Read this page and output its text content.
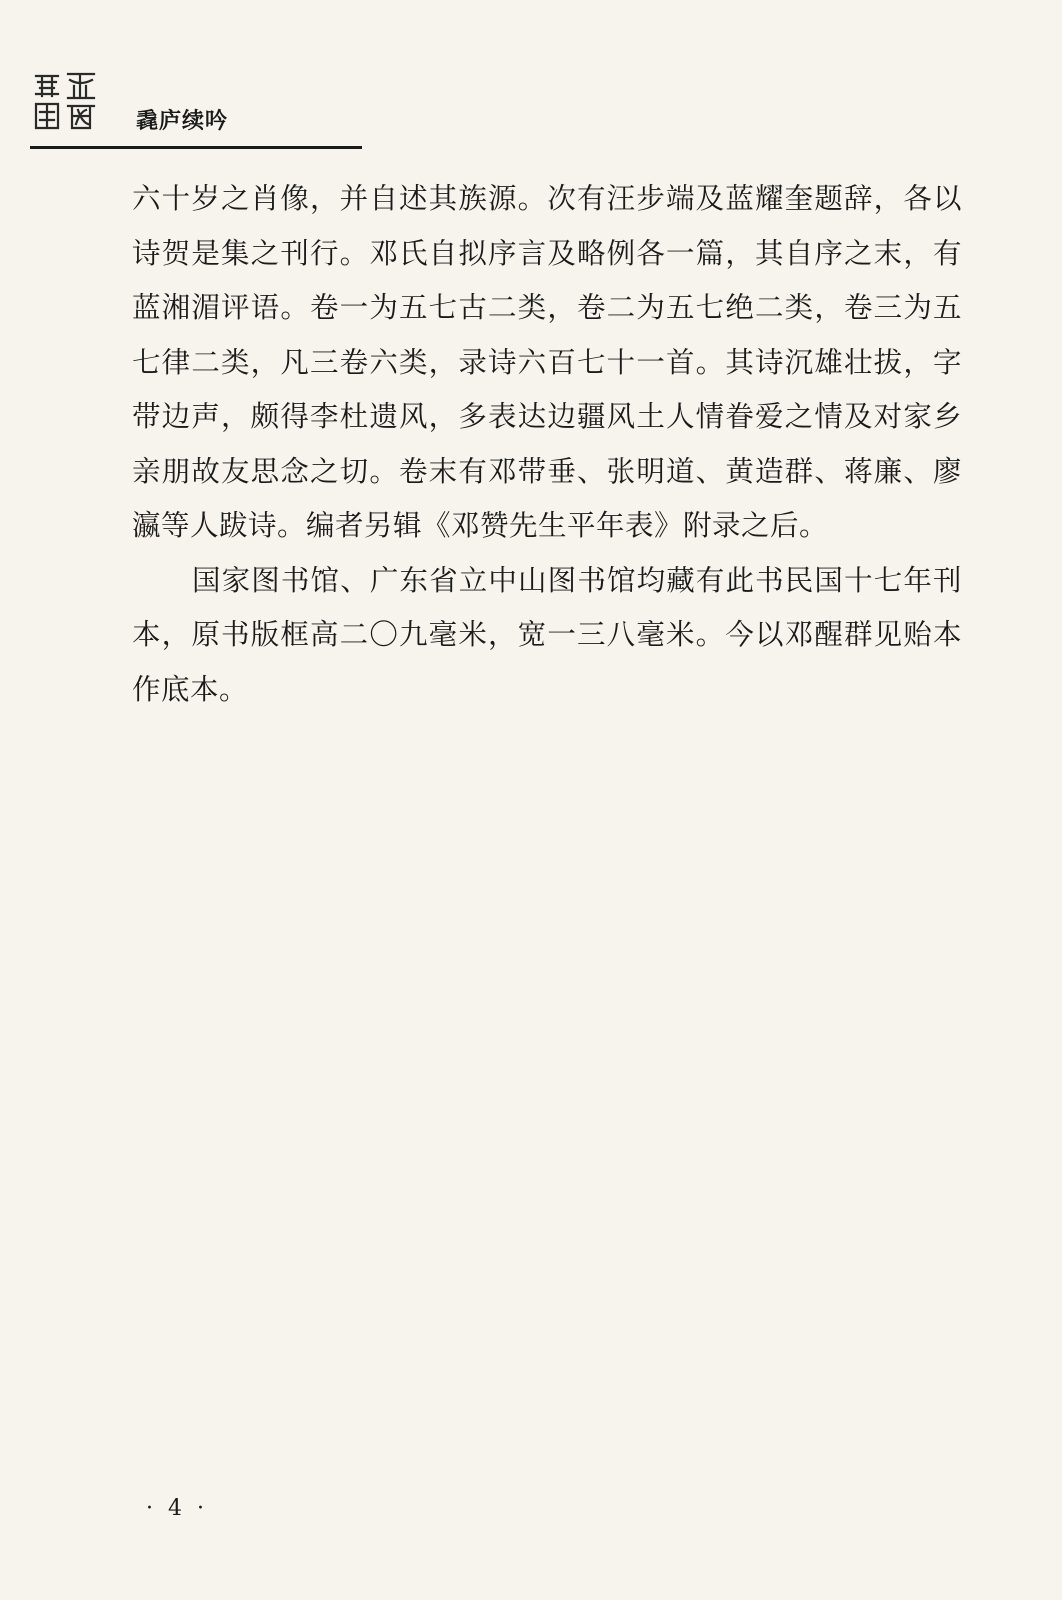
毳庐续吟

六十岁之肖像，并自述其族源。次有汪步端及蓝耀奎题辞，各以诗贺是集之刊行。邓氏自拟序言及略例各一篇，其自序之末，有蓝湘湄评语。卷一为五七古二类，卷二为五七绝二类，卷三为五七律二类，凡三卷六类，录诗六百七十一首。其诗沉雄壮拔，字带边声，颇得李杜遗风，多表达边疆风土人情眷爱之情及对家乡亲朋故友思念之切。卷末有邓带垂、张明道、黄造群、蒋廉、廖瀛等人跋诗。编者另辑《邓赞先生平年表》附录之后。

国家图书馆、广东省立中山图书馆均藏有此书民国十七年刊本，原书版框高二〇九毫米，宽一三八毫米。今以邓醒群见贻本作底本。

· 4 ·
